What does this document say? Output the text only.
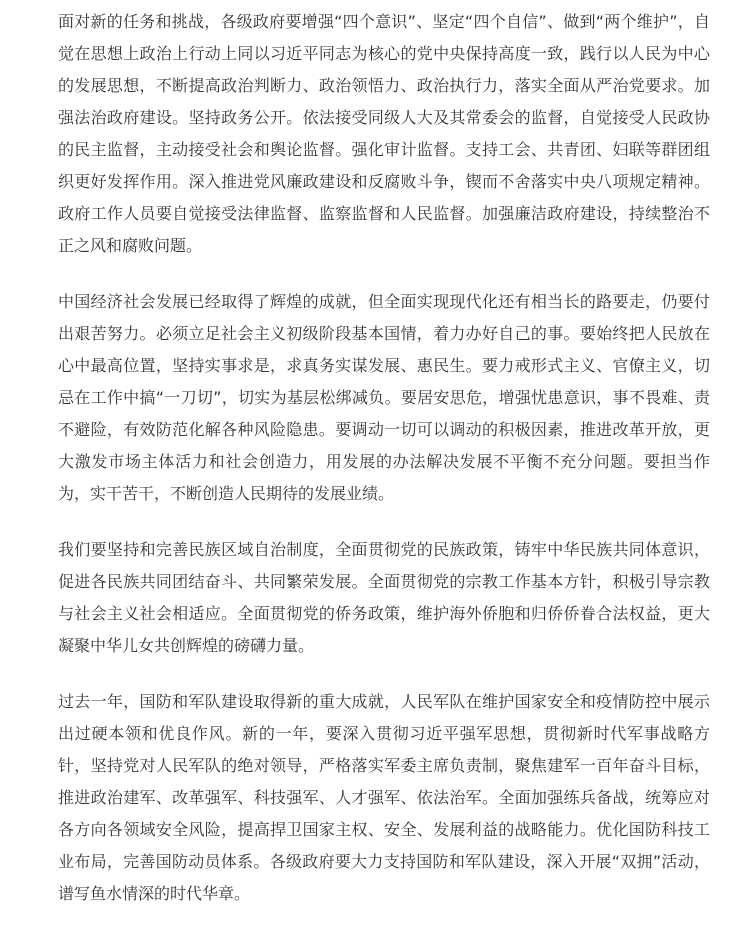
面对新的任务和挑战，各级政府要增强“四个意识”、坚定“四个自信”、做到“两个维护”，自觉在思想上政治上行动上同以习近平同志为核心的党中央保持高度一致，践行以人民为中心的发展思想，不断提高政治判断力、政治领悟力、政治执行力，落实全面从严治党要求。加强法治政府建设。坚持政务公开。依法接受同级人大及其常委会的监督，自觉接受人民政协的民主监督，主动接受社会和舆论监督。强化审计监督。支持工会、共青团、妇联等群团组织更好发挥作用。深入推进党风廉政建设和反腐败斗争，锲而不舍落实中央八项规定精神。政府工作人员要自觉接受法律监督、监察监督和人民监督。加强廉洁政府建设，持续整治不正之风和腐败问题。

中国经济社会发展已经取得了辉煌的成就，但全面实现现代化还有相当长的路要走，仍要付出艰苦努力。必须立足社会主义初级阶段基本国情，着力办好自己的事。要始终把人民放在心中最高位置，坚持实事求是，求真务实谋发展、惠民生。要力戒形式主义、官僚主义，切忌在工作中搞“一刀切”，切实为基层松绑减负。要居安思危，增强忧患意识，事不畏难、责不避险，有效防范化解各种风险隐患。要调动一切可以调动的积极因素，推进改革开放，更大激发市场主体活力和社会创造力，用发展的办法解决发展不平衡不充分问题。要担当作为，实干苦干，不断创造人民期待的发展业绩。

我们要坚持和完善民族区域自治制度，全面贯彻党的民族政策，铸牢中华民族共同体意识，促进各民族共同团结奋斗、共同繁荣发展。全面贯彻党的宗教工作基本方针，积极引导宗教与社会主义社会相适应。全面贯彻党的侨务政策，维护海外侨胞和归侨侨眷合法权益，更大凝聚中华儿女共创辉煌的磅礴力量。

过去一年，国防和军队建设取得新的重大成就，人民军队在维护国家安全和疫情防控中展示出过硬本领和优良作风。新的一年，要深入贯彻习近平强军思想，贯彻新时代军事战略方针，坚持党对人民军队的绝对领导，严格落实军委主席负责制，聚焦建军一百年奋斗目标，推进政治建军、改革强军、科技强军、人才强军、依法治军。全面加强练兵备战，统筹应对各方向各领域安全风险，提高捍卫国家主权、安全、发展利益的战略能力。优化国防科技工业布局，完善国防动员体系。各级政府要大力支持国防和军队建设，深入开展“双拥”活动，谱写鱼水情深的时代华章。
